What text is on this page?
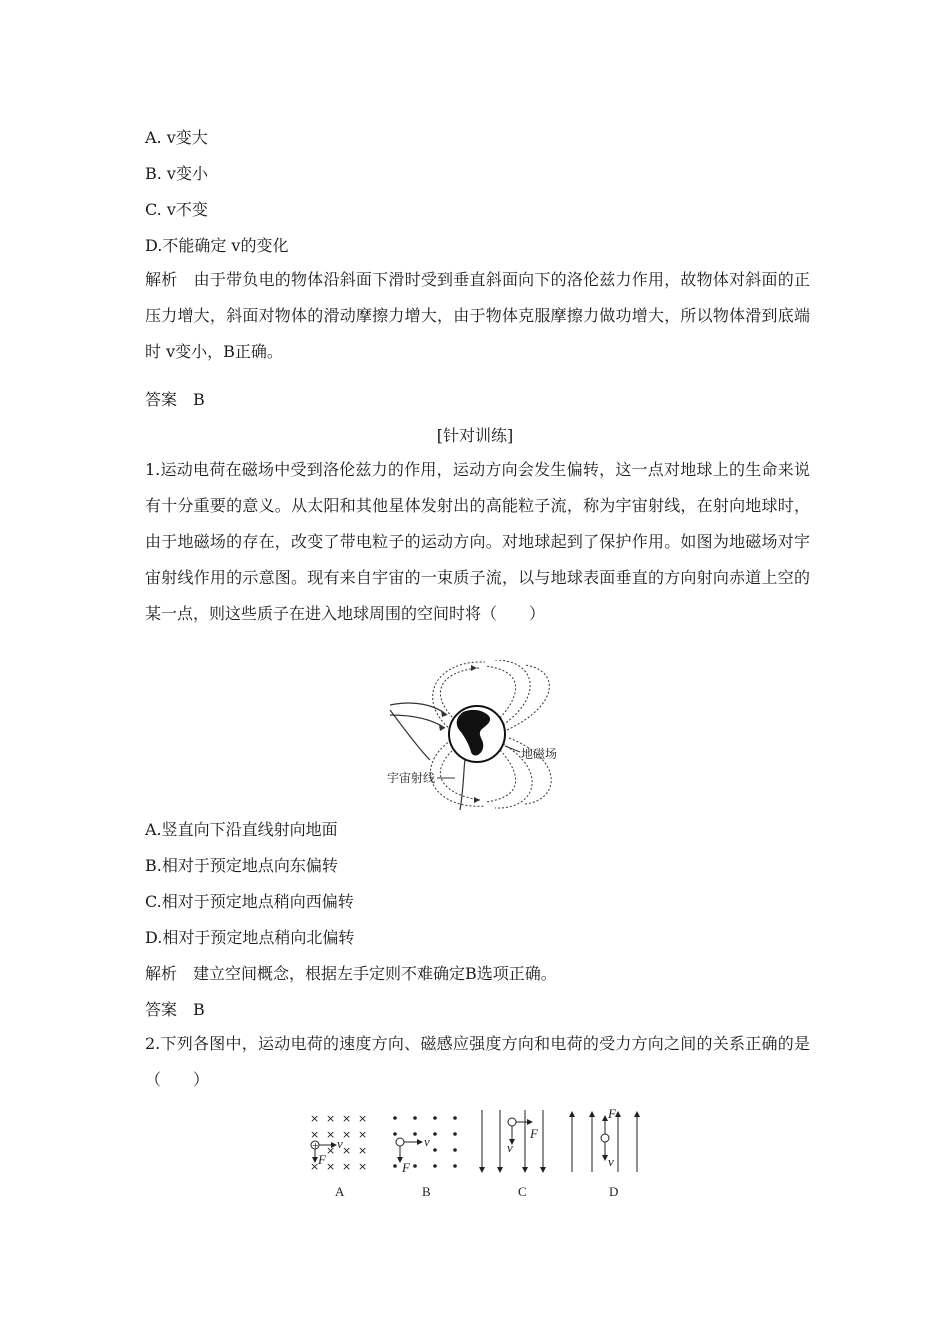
A. v变大
B. v变小
C. v不变
D.不能确定 v的变化
解析　由于带负电的物体沿斜面下滑时受到垂直斜面向下的洛伦兹力作用，故物体对斜面的正压力增大，斜面对物体的滑动摩擦力增大，由于物体克服摩擦力做功增大，所以物体滑到底端时 v变小，B正确。
答案　B
[针对训练]
1.运动电荷在磁场中受到洛伦兹力的作用，运动方向会发生偏转，这一点对地球上的生命来说有十分重要的意义。从太阳和其他星体发射出的高能粒子流，称为宇宙射线，在射向地球时，由于地磁场的存在，改变了带电粒子的运动方向。对地球起到了保护作用。如图为地磁场对宇宙射线作用的示意图。现有来自宇宙的一束质子流，以与地球表面垂直的方向射向赤道上空的某一点，则这些质子在进入地球周围的空间时将（　　）
地磁场
宇宙射线
A.竖直向下沿直线射向地面
B.相对于预定地点向东偏转
C.相对于预定地点稍向西偏转
D.相对于预定地点稍向北偏转
解析　建立空间概念，根据左手定则不难确定B选项正确。
答案　B
2.下列各图中，运动电荷的速度方向、磁感应强度方向和电荷的受力方向之间的关系正确的是（　　）
× × × ×
× × × ×
× × ×
× × × ×
+ v
F
A
v
F
B
F
v
C
F
v
D
